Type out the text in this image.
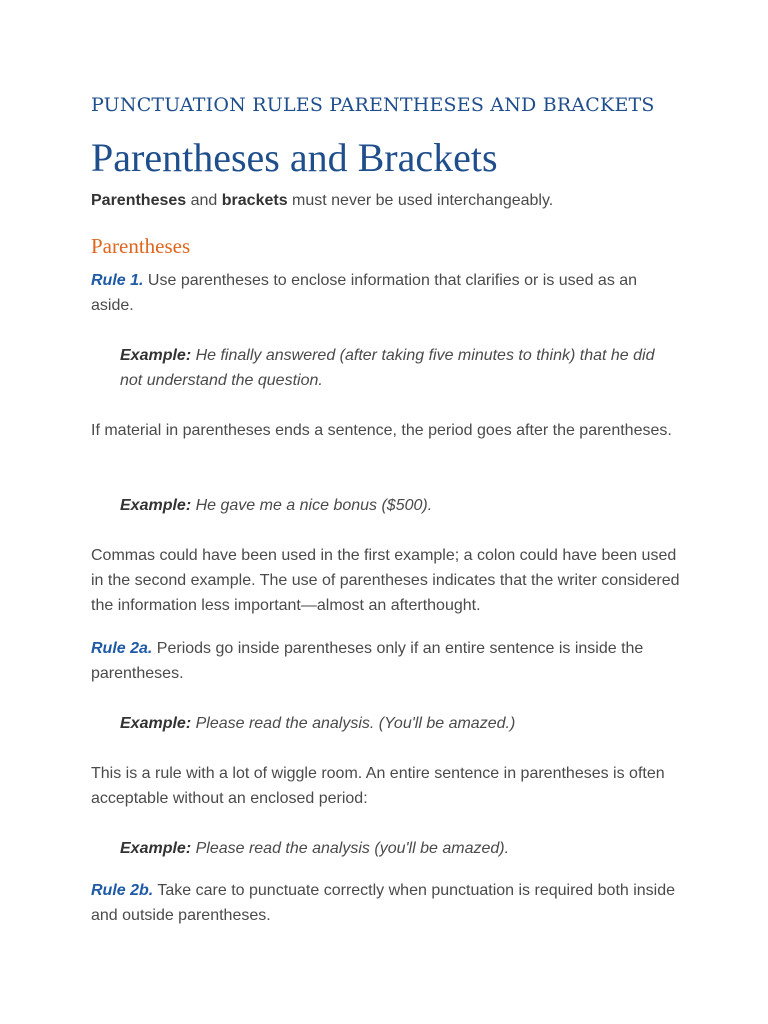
PUNCTUATION RULES PARENTHESES AND BRACKETS
Parentheses and Brackets

Parentheses and brackets must never be used interchangeably.

Parentheses

Rule 1. Use parentheses to enclose information that clarifies or is used as an aside.

Example: He finally answered (after taking five minutes to think) that he did not understand the question.

If material in parentheses ends a sentence, the period goes after the parentheses.

Example: He gave me a nice bonus ($500).

Commas could have been used in the first example; a colon could have been used in the second example. The use of parentheses indicates that the writer considered the information less important—almost an afterthought.

Rule 2a. Periods go inside parentheses only if an entire sentence is inside the parentheses.

Example: Please read the analysis. (You'll be amazed.)

This is a rule with a lot of wiggle room. An entire sentence in parentheses is often acceptable without an enclosed period:

Example: Please read the analysis (you'll be amazed).

Rule 2b. Take care to punctuate correctly when punctuation is required both inside and outside parentheses.
